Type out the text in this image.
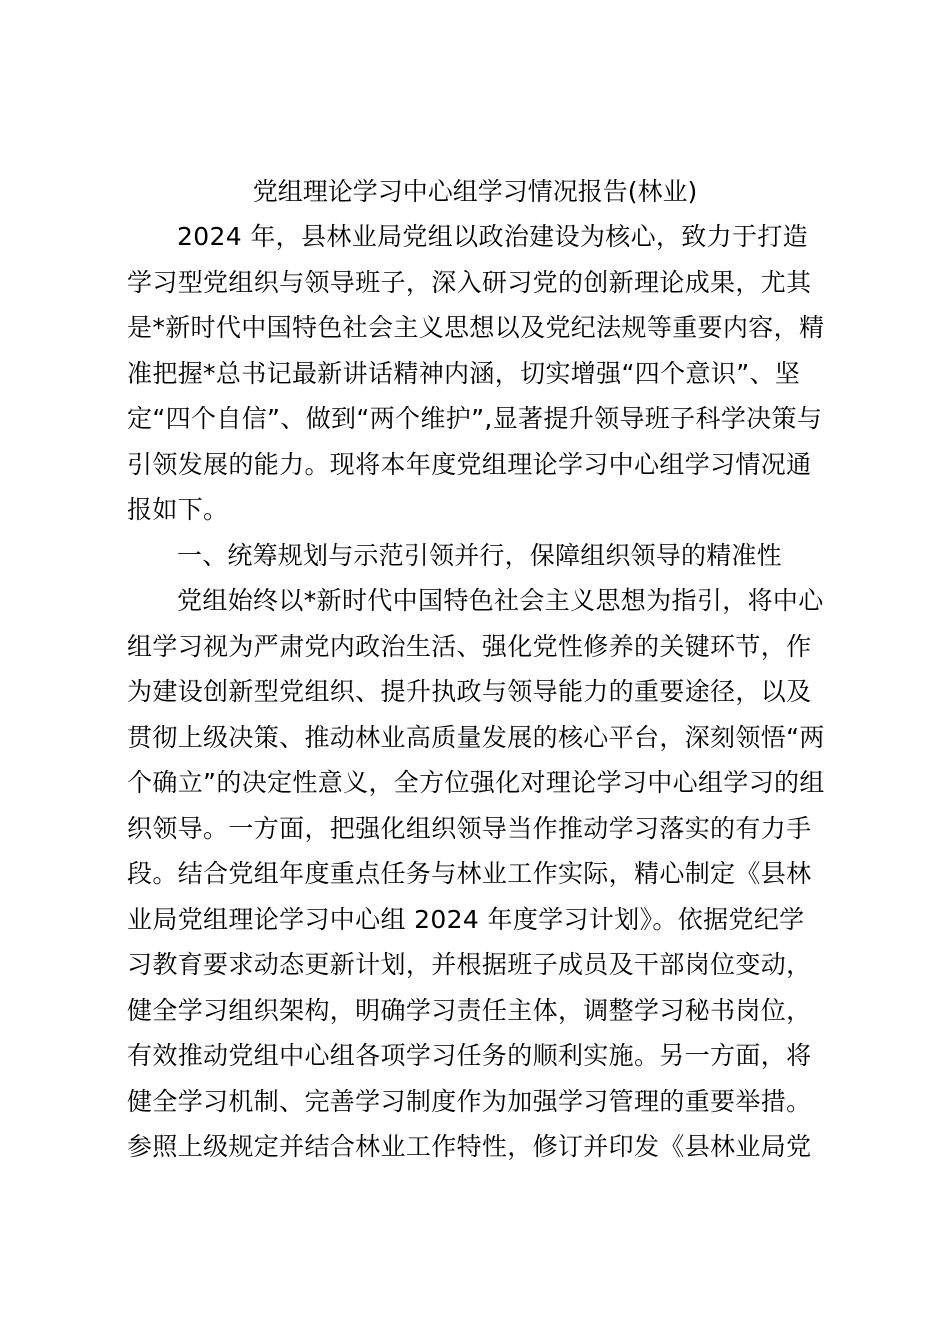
党组理论学习中心组学习情况报告(林业)
2024 年，县林业局党组以政治建设为核心，致力于打造
学习型党组织与领导班子，深入研习党的创新理论成果，尤其
是*新时代中国特色社会主义思想以及党纪法规等重要内容，精
准把握*总书记最新讲话精神内涵，切实增强“四个意识”、坚
定“四个自信”、做到“两个维护”,显著提升领导班子科学决策与
引领发展的能力。现将本年度党组理论学习中心组学习情况通
报如下。
一、统筹规划与示范引领并行，保障组织领导的精准性
党组始终以*新时代中国特色社会主义思想为指引，将中心
组学习视为严肃党内政治生活、强化党性修养的关键环节，作
为建设创新型党组织、提升执政与领导能力的重要途径，以及
贯彻上级决策、推动林业高质量发展的核心平台，深刻领悟“两
个确立”的决定性意义，全方位强化对理论学习中心组学习的组
织领导。一方面，把强化组织领导当作推动学习落实的有力手
段。结合党组年度重点任务与林业工作实际，精心制定《县林
业局党组理论学习中心组 2024 年度学习计划》。依据党纪学
习教育要求动态更新计划，并根据班子成员及干部岗位变动，
健全学习组织架构，明确学习责任主体，调整学习秘书岗位，
有效推动党组中心组各项学习任务的顺利实施。另一方面，将
健全学习机制、完善学习制度作为加强学习管理的重要举措。
参照上级规定并结合林业工作特性，修订并印发《县林业局党
